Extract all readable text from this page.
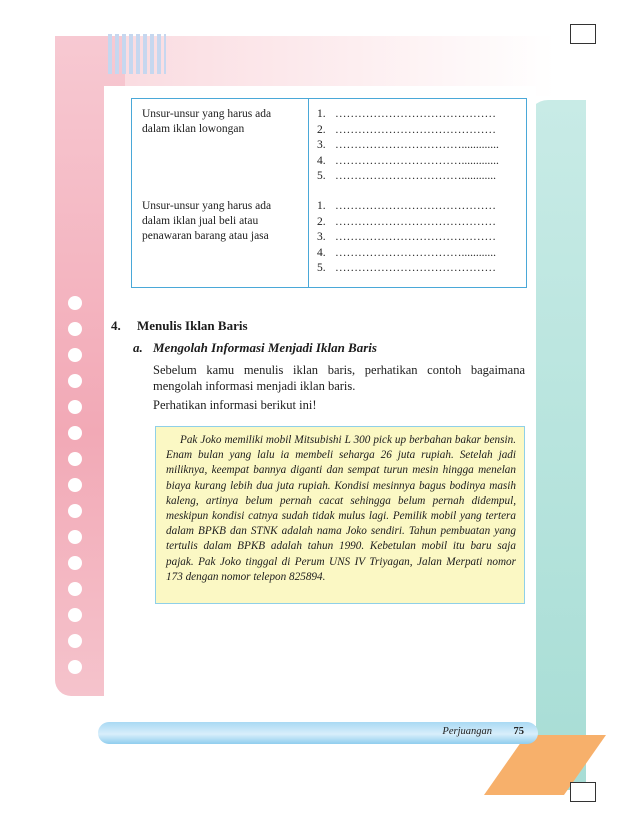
Unsur-unsur yang harus ada dalam iklan lowongan
Unsur-unsur yang harus ada dalam iklan jual beli atau penawaran barang atau jasa
1. ……………………………………
2. ……………………………………
3. …………………………….............
4. …………………………….............
5. ……………………………............
1. ……………………………………
2. ……………………………………
3. ……………………………………
4. ……………………………............
5. ……………………………………
4. Menulis Iklan Baris
a. Mengolah Informasi Menjadi Iklan Baris
Sebelum kamu menulis iklan baris, perhatikan contoh bagaimana mengolah informasi menjadi iklan baris.
Perhatikan informasi berikut ini!
Pak Joko memiliki mobil Mitsubishi L 300 pick up berbahan bakar bensin. Enam bulan yang lalu ia membeli seharga 26 juta rupiah. Setelah jadi miliknya, keempat bannya diganti dan sempat turun mesin hingga menelan biaya kurang lebih dua juta rupiah. Kondisi mesinnya bagus bodinya masih kaleng, artinya belum pernah cacat sehingga belum pernah didempul, meskipun kondisi catnya sudah tidak mulus lagi. Pemilik mobil yang tertera dalam BPKB dan STNK adalah nama Joko sendiri. Tahun pembuatan yang tertulis dalam BPKB adalah tahun 1990. Kebetulan mobil itu baru saja pajak. Pak Joko tinggal di Perum UNS IV Triyagan, Jalan Merpati nomor 173 dengan nomor telepon 825894.
Perjuangan 75
